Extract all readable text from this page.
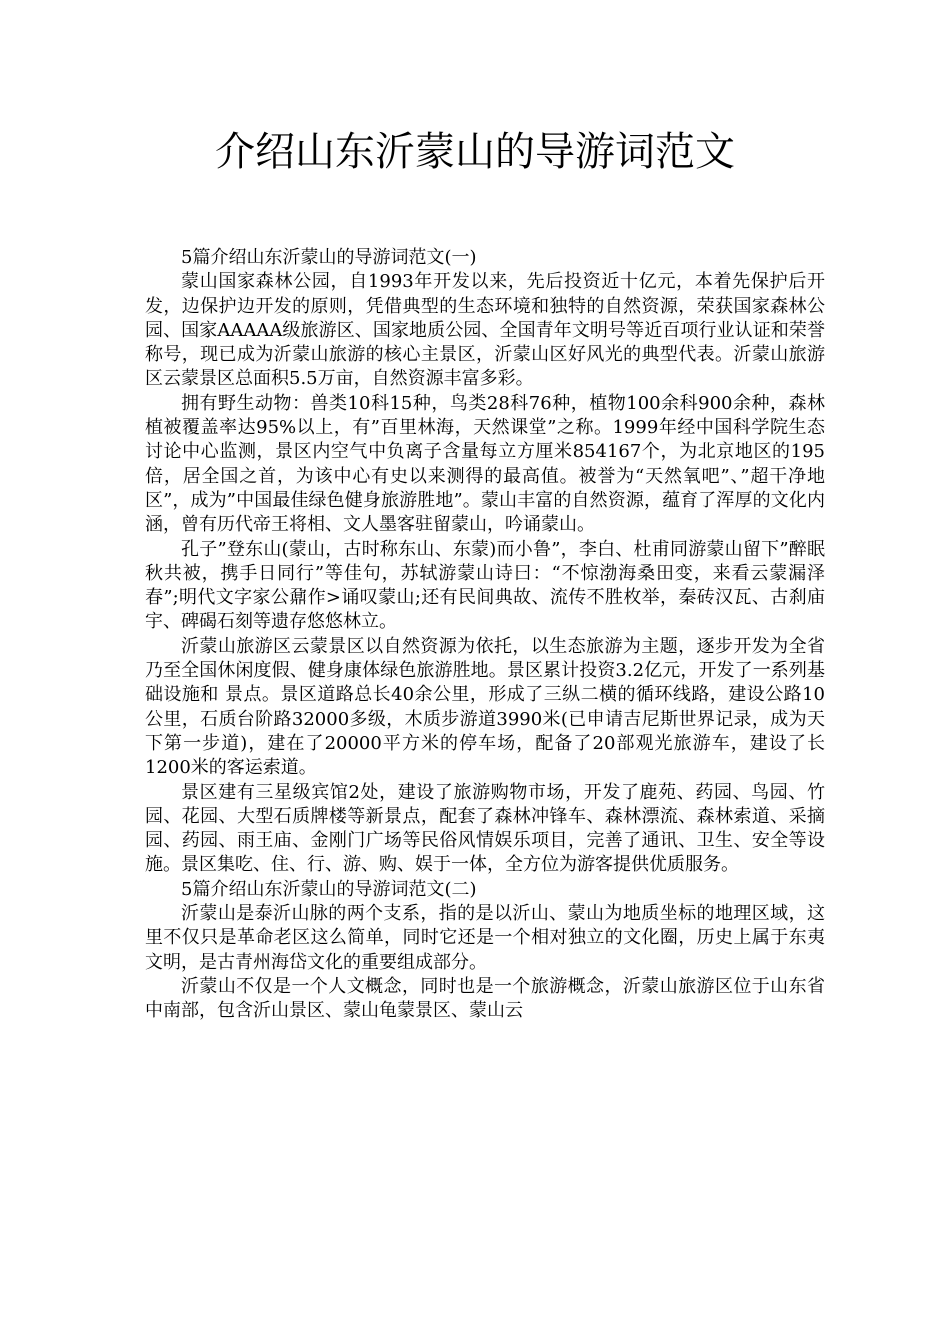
介绍山东沂蒙山的导游词范文

5篇介绍山东沂蒙山的导游词范文(一)

蒙山国家森林公园，自1993年开发以来，先后投资近十亿元，本着先保护后开发，边保护边开发的原则，凭借典型的生态环境和独特的自然资源，荣获国家森林公园、国家AAAAA级旅游区、国家地质公园、全国青年文明号等近百项行业认证和荣誉称号，现已成为沂蒙山旅游的核心主景区，沂蒙山区好风光的典型代表。沂蒙山旅游区云蒙景区总面积5.5万亩，自然资源丰富多彩。

拥有野生动物：兽类10科15种，鸟类28科76种，植物100余科900余种，森林植被覆盖率达95%以上，有”百里林海，天然课堂”之称。1999年经中国科学院生态讨论中心监测，景区内空气中负离子含量每立方厘米854167个，为北京地区的195倍，居全国之首，为该中心有史以来测得的最高值。被誉为“天然氧吧”、”超干净地区”，成为”中国最佳绿色健身旅游胜地”。蒙山丰富的自然资源，蕴育了浑厚的文化内涵，曾有历代帝王将相、文人墨客驻留蒙山，吟诵蒙山。

孔子”登东山(蒙山，古时称东山、东蒙)而小鲁”，李白、杜甫同游蒙山留下”醉眠秋共被，携手日同行”等佳句，苏轼游蒙山诗曰：“不惊渤海桑田变，来看云蒙漏泽春”;明代文字家公鼐作>诵叹蒙山;还有民间典故、流传不胜枚举，秦砖汉瓦、古刹庙宇、碑碣石刻等遗存悠悠林立。

沂蒙山旅游区云蒙景区以自然资源为依托，以生态旅游为主题，逐步开发为全省乃至全国休闲度假、健身康体绿色旅游胜地。景区累计投资3.2亿元，开发了一系列基础设施和 景点。景区道路总长40余公里，形成了三纵二横的循环线路，建设公路10公里，石质台阶路32000多级，木质步游道3990米(已申请吉尼斯世界记录，成为天下第一步道)，建在了20000平方米的停车场，配备了20部观光旅游车，建设了长1200米的客运索道。

景区建有三星级宾馆2处，建设了旅游购物市场，开发了鹿苑、药园、鸟园、竹园、花园、大型石质牌楼等新景点，配套了森林冲锋车、森林漂流、森林索道、采摘园、药园、雨王庙、金刚门广场等民俗风情娱乐项目，完善了通讯、卫生、安全等设施。景区集吃、住、行、游、购、娱于一体，全方位为游客提供优质服务。

5篇介绍山东沂蒙山的导游词范文(二)

沂蒙山是泰沂山脉的两个支系，指的是以沂山、蒙山为地质坐标的地理区域，这里不仅只是革命老区这么简单，同时它还是一个相对独立的文化圈，历史上属于东夷文明，是古青州海岱文化的重要组成部分。

沂蒙山不仅是一个人文概念，同时也是一个旅游概念，沂蒙山旅游区位于山东省中南部，包含沂山景区、蒙山龟蒙景区、蒙山云
